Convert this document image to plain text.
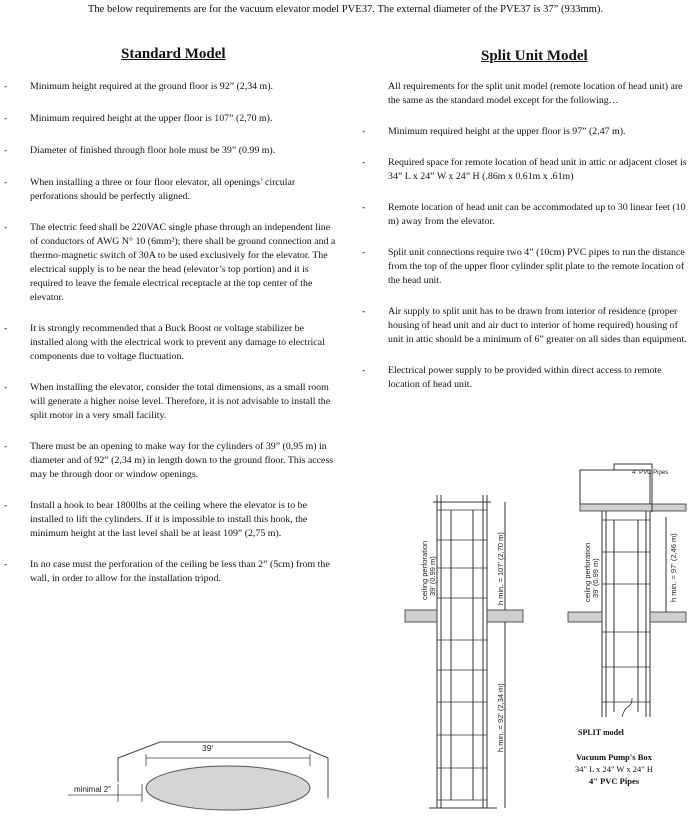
The below requirements are for the vacuum elevator model PVE37. The external diameter of the PVE37 is 37” (933mm).
Standard Model	Split Unit Model
- Minimum height required at the ground floor is 92” (2,34 m).
- Minimum required height at the upper floor is 107” (2,70 m).
- Diameter of finished through floor hole must be 39” (0.99 m).
- When installing a three or four floor elevator, all openings’ circular perforations should be perfectly aligned.
- The electric feed shall be 220VAC single phase through an independent line of conductors of AWG N° 10 (6mm²); there shall be ground connection and a thermo-magnetic switch of 30A to be used exclusively for the elevator. The electrical supply is to be near the head (elevator’s top portion) and it is required to leave the female electrical receptacle at the top center of the elevator.
- It is strongly recommended that a Buck Boost or voltage stabilizer be installed along with the electrical work to prevent any damage to electrical components due to voltage fluctuation.
- When installing the elevator, consider the total dimensions, as a small room will generate a higher noise level. Therefore, it is not advisable to install the split motor in a very small facility.
- There must be an opening to make way for the cylinders of 39” (0,95 m) in diameter and of 92” (2,34 m) in length down to the ground floor. This access may be through door or window openings.
- Install a hook to bear 1800lbs at the ceiling where the elevator is to be installed to lift the cylinders. If it is impossible to install this hook, the minimum height at the last level shall be at least 109” (2,75 m).
- In no case must the perforation of the ceiling be less than 2” (5cm) from the wall, in order to allow for the installation tripod.
All requirements for the split unit model (remote location of head unit) are the same as the standard model except for the following…
- Minimum required height at the upper floor is 97” (2,47 m).
- Required space for remote location of head unit in attic or adjacent closet is 34” L x 24” W x 24” H (.86m x 0.61m x .61m)
- Remote location of head unit can be accommodated up to 30 linear feet (10 m) away from the elevator.
- Split unit connections require two 4” (10cm) PVC pipes to run the distance from the top of the upper floor cylinder split plate to the remote location of the head unit.
- Air supply to split unit has to be drawn from interior of residence (proper housing of head unit and air duct to interior of home required) housing of unit in attic should be a minimum of 6” greater on all sides than equipment.
- Electrical power supply to be provided within direct access to remote location of head unit.
39'
minimal 2”
ceiling perforation 39' (0.99 m)	h min. = 107' (2,70 m)
h min. = 92' (2,34 m)
4" PVC Pipes
ceiling perforation 39' (0.99 m)	h min. = 97' (2,46 m)
SPLIT model
Vacuum Pump's Box
34" L x 24" W x 24" H
4" PVC Pipes
